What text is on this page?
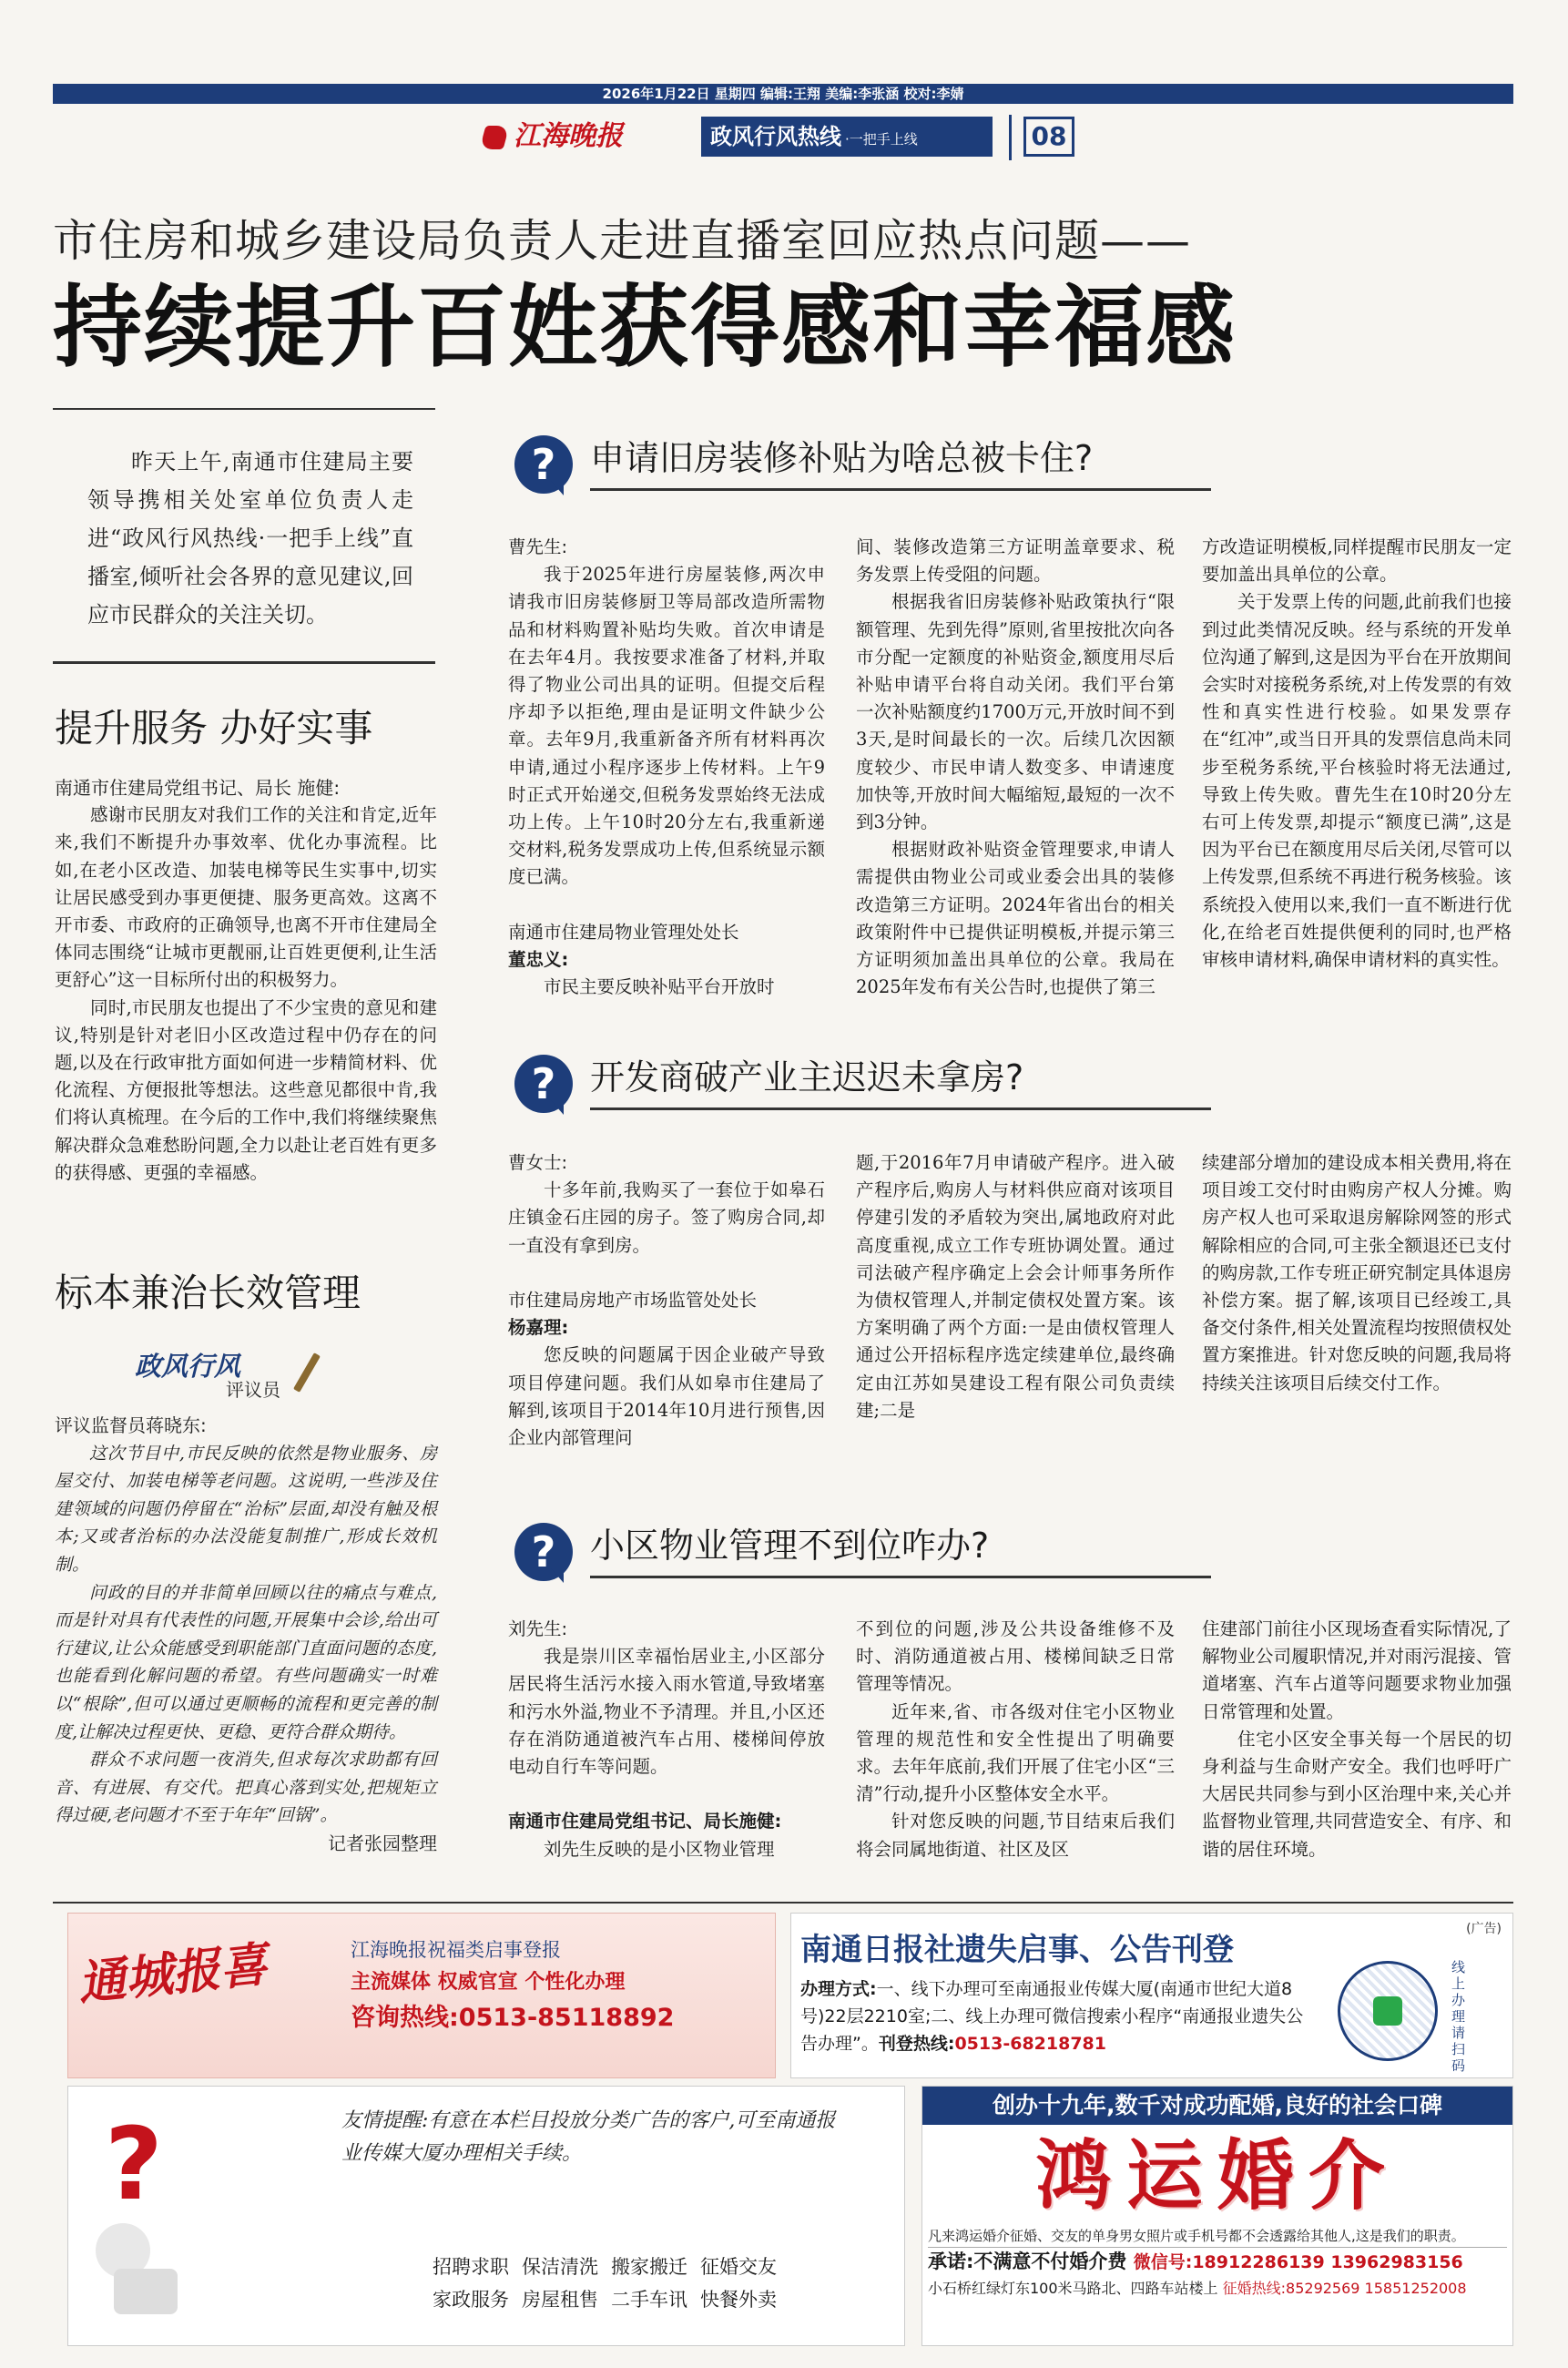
2026年1月22日 星期四 编辑:王翔 美编:李张涵 校对:李婧
江海晚报	政风行风热线 ·一把手上线	08
市住房和城乡建设局负责人走进直播室回应热点问题——
持续提升百姓获得感和幸福感

昨天上午,南通市住建局主要领导携相关处室单位负责人走进“政风行风热线·一把手上线”直播室,倾听社会各界的意见建议,回应市民群众的关注关切。

提升服务 办好实事

南通市住建局党组书记、局长 施健:

感谢市民朋友对我们工作的关注和肯定,近年来,我们不断提升办事效率、优化办事流程。比如,在老小区改造、加装电梯等民生实事中,切实让居民感受到办事更便捷、服务更高效。这离不开市委、市政府的正确领导,也离不开市住建局全体同志围绕“让城市更靓丽,让百姓更便利,让生活更舒心”这一目标所付出的积极努力。

同时,市民朋友也提出了不少宝贵的意见和建议,特别是针对老旧小区改造过程中仍存在的问题,以及在行政审批方面如何进一步精简材料、优化流程、方便报批等想法。这些意见都很中肯,我们将认真梳理。在今后的工作中,我们将继续聚焦解决群众急难愁盼问题,全力以赴让老百姓有更多的获得感、更强的幸福感。

标本兼治长效管理
政风行风
评议员

评议监督员蒋晓东:

这次节目中,市民反映的依然是物业服务、房屋交付、加装电梯等老问题。这说明,一些涉及住建领域的问题仍停留在“治标”层面,却没有触及根本;又或者治标的办法没能复制推广,形成长效机制。

问政的目的并非简单回顾以往的痛点与难点,而是针对具有代表性的问题,开展集中会诊,给出可行建议,让公众能感受到职能部门直面问题的态度,也能看到化解问题的希望。有些问题确实一时难以“根除”,但可以通过更顺畅的流程和更完善的制度,让解决过程更快、更稳、更符合群众期待。

群众不求问题一夜消失,但求每次求助都有回音、有进展、有交代。把真心落到实处,把规矩立得过硬,老问题才不至于年年“回锅”。

记者张园整理

? 申请旧房装修补贴为啥总被卡住?

曹先生:

我于2025年进行房屋装修,两次申请我市旧房装修厨卫等局部改造所需物品和材料购置补贴均失败。首次申请是在去年4月。我按要求准备了材料,并取得了物业公司出具的证明。但提交后程序却予以拒绝,理由是证明文件缺少公章。去年9月,我重新备齐所有材料再次申请,通过小程序逐步上传材料。上午9时正式开始递交,但税务发票始终无法成功上传。上午10时20分左右,我重新递交材料,税务发票成功上传,但系统显示额度已满。

南通市住建局物业管理处处长

董忠义:

市民主要反映补贴平台开放时

间、装修改造第三方证明盖章要求、税务发票上传受阻的问题。

根据我省旧房装修补贴政策执行“限额管理、先到先得”原则,省里按批次向各市分配一定额度的补贴资金,额度用尽后补贴申请平台将自动关闭。我们平台第一次补贴额度约1700万元,开放时间不到3天,是时间最长的一次。后续几次因额度较少、市民申请人数变多、申请速度加快等,开放时间大幅缩短,最短的一次不到3分钟。

根据财政补贴资金管理要求,申请人需提供由物业公司或业委会出具的装修改造第三方证明。2024年省出台的相关政策附件中已提供证明模板,并提示第三方证明须加盖出具单位的公章。我局在2025年发布有关公告时,也提供了第三

方改造证明模板,同样提醒市民朋友一定要加盖出具单位的公章。

关于发票上传的问题,此前我们也接到过此类情况反映。经与系统的开发单位沟通了解到,这是因为平台在开放期间会实时对接税务系统,对上传发票的有效性和真实性进行校验。如果发票存在“红冲”,或当日开具的发票信息尚未同步至税务系统,平台核验时将无法通过,导致上传失败。曹先生在10时20分左右可上传发票,却提示“额度已满”,这是因为平台已在额度用尽后关闭,尽管可以上传发票,但系统不再进行税务核验。该系统投入使用以来,我们一直不断进行优化,在给老百姓提供便利的同时,也严格审核申请材料,确保申请材料的真实性。

? 开发商破产业主迟迟未拿房?

曹女士:

十多年前,我购买了一套位于如皋石庄镇金石庄园的房子。签了购房合同,却一直没有拿到房。

市住建局房地产市场监管处处长

杨嘉理:

您反映的问题属于因企业破产导致项目停建问题。我们从如皋市住建局了解到,该项目于2014年10月进行预售,因企业内部管理问

题,于2016年7月申请破产程序。进入破产程序后,购房人与材料供应商对该项目停建引发的矛盾较为突出,属地政府对此高度重视,成立工作专班协调处置。通过司法破产程序确定上会会计师事务所作为债权管理人,并制定债权处置方案。该方案明确了两个方面:一是由债权管理人通过公开招标程序选定续建单位,最终确定由江苏如昊建设工程有限公司负责续建;二是

续建部分增加的建设成本相关费用,将在项目竣工交付时由购房产权人分摊。购房产权人也可采取退房解除网签的形式解除相应的合同,可主张全额退还已支付的购房款,工作专班正研究制定具体退房补偿方案。据了解,该项目已经竣工,具备交付条件,相关处置流程均按照债权处置方案推进。针对您反映的问题,我局将持续关注该项目后续交付工作。

? 小区物业管理不到位咋办?

刘先生:

我是崇川区幸福怡居业主,小区部分居民将生活污水接入雨水管道,导致堵塞和污水外溢,物业不予清理。并且,小区还存在消防通道被汽车占用、楼梯间停放电动自行车等问题。

南通市住建局党组书记、局长施健:

刘先生反映的是小区物业管理

不到位的问题,涉及公共设备维修不及时、消防通道被占用、楼梯间缺乏日常管理等情况。

近年来,省、市各级对住宅小区物业管理的规范性和安全性提出了明确要求。去年年底前,我们开展了住宅小区“三清”行动,提升小区整体安全水平。

针对您反映的问题,节目结束后我们将会同属地街道、社区及区

住建部门前往小区现场查看实际情况,了解物业公司履职情况,并对雨污混接、管道堵塞、汽车占道等问题要求物业加强日常管理和处置。

住宅小区安全事关每一个居民的切身利益与生命财产安全。我们也呼吁广大居民共同参与到小区治理中来,关心并监督物业管理,共同营造安全、有序、和谐的居住环境。

通城报喜	江海晚报祝福类启事登报
主流媒体 权威官宣 个性化办理
咨询热线:0513-85118892
南通日报社遗失启事、公告刊登
(广告)
办理方式:一、线下办理可至南通报业传媒大厦(南通市世纪大道8号)22层2210室;二、线上办理可微信搜索小程序“南通报业遗失公告办理”。刊登热线:0513-68218781
线上办理请扫码
?	友情提醒:有意在本栏目投放分类广告的客户,可至南通报业传媒大厦办理相关手续。
招聘求职 保洁清洗 搬家搬迁 征婚交友
家政服务 房屋租售 二手车讯 快餐外卖
创办十九年,数千对成功配婚,良好的社会口碑
鸿运婚介
凡来鸿运婚介征婚、交友的单身男女照片或手机号都不会透露给其他人,这是我们的职责。
承诺:不满意不付婚介费 微信号:18912286139 13962983156
小石桥红绿灯东100米马路北、四路车站楼上 征婚热线:85292569 15851252008
